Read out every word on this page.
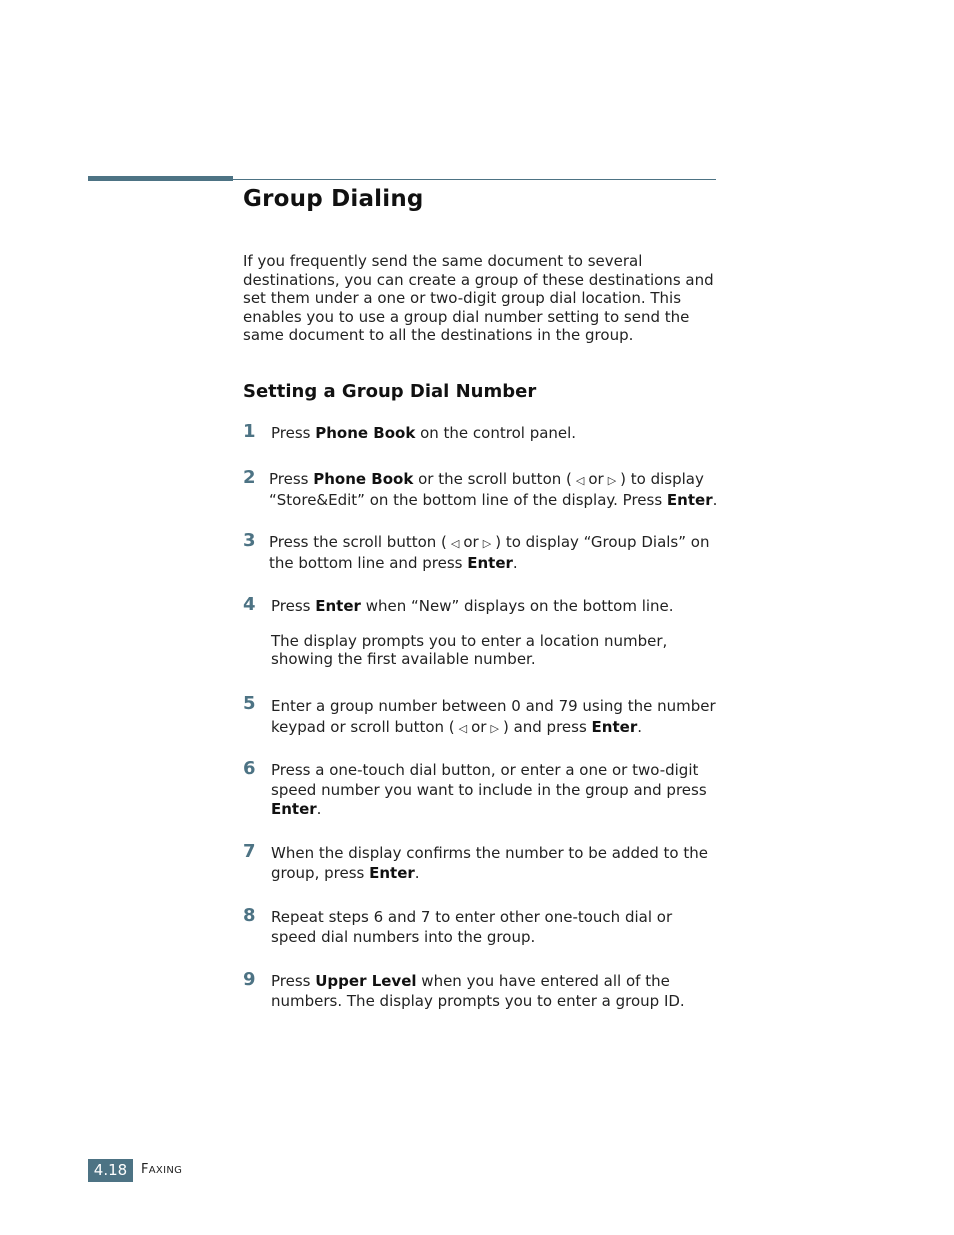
Group Dialing

If you frequently send the same document to several destinations, you can create a group of these destinations and set them under a one or two-digit group dial location. This enables you to use a group dial number setting to send the same document to all the destinations in the group.

Setting a Group Dial Number
1 Press Phone Book on the control panel.

2 Press Phone Book or the scroll button ( ◁ or ▷ ) to display “Store&Edit” on the bottom line of the display. Press Enter.

3 Press the scroll button ( ◁ or ▷ ) to display “Group Dials” on the bottom line and press Enter.

4 Press Enter when “New” displays on the bottom line.

The display prompts you to enter a location number, showing the first available number.

5 Enter a group number between 0 and 79 using the number keypad or scroll button ( ◁ or ▷ ) and press Enter.

6 Press a one-touch dial button, or enter a one or two-digit speed number you want to include in the group and press Enter.

7 When the display confirms the number to be added to the group, press Enter.

8 Repeat steps 6 and 7 to enter other one-touch dial or speed dial numbers into the group.

9 Press Upper Level when you have entered all of the numbers. The display prompts you to enter a group ID.

4.18	FAXING
